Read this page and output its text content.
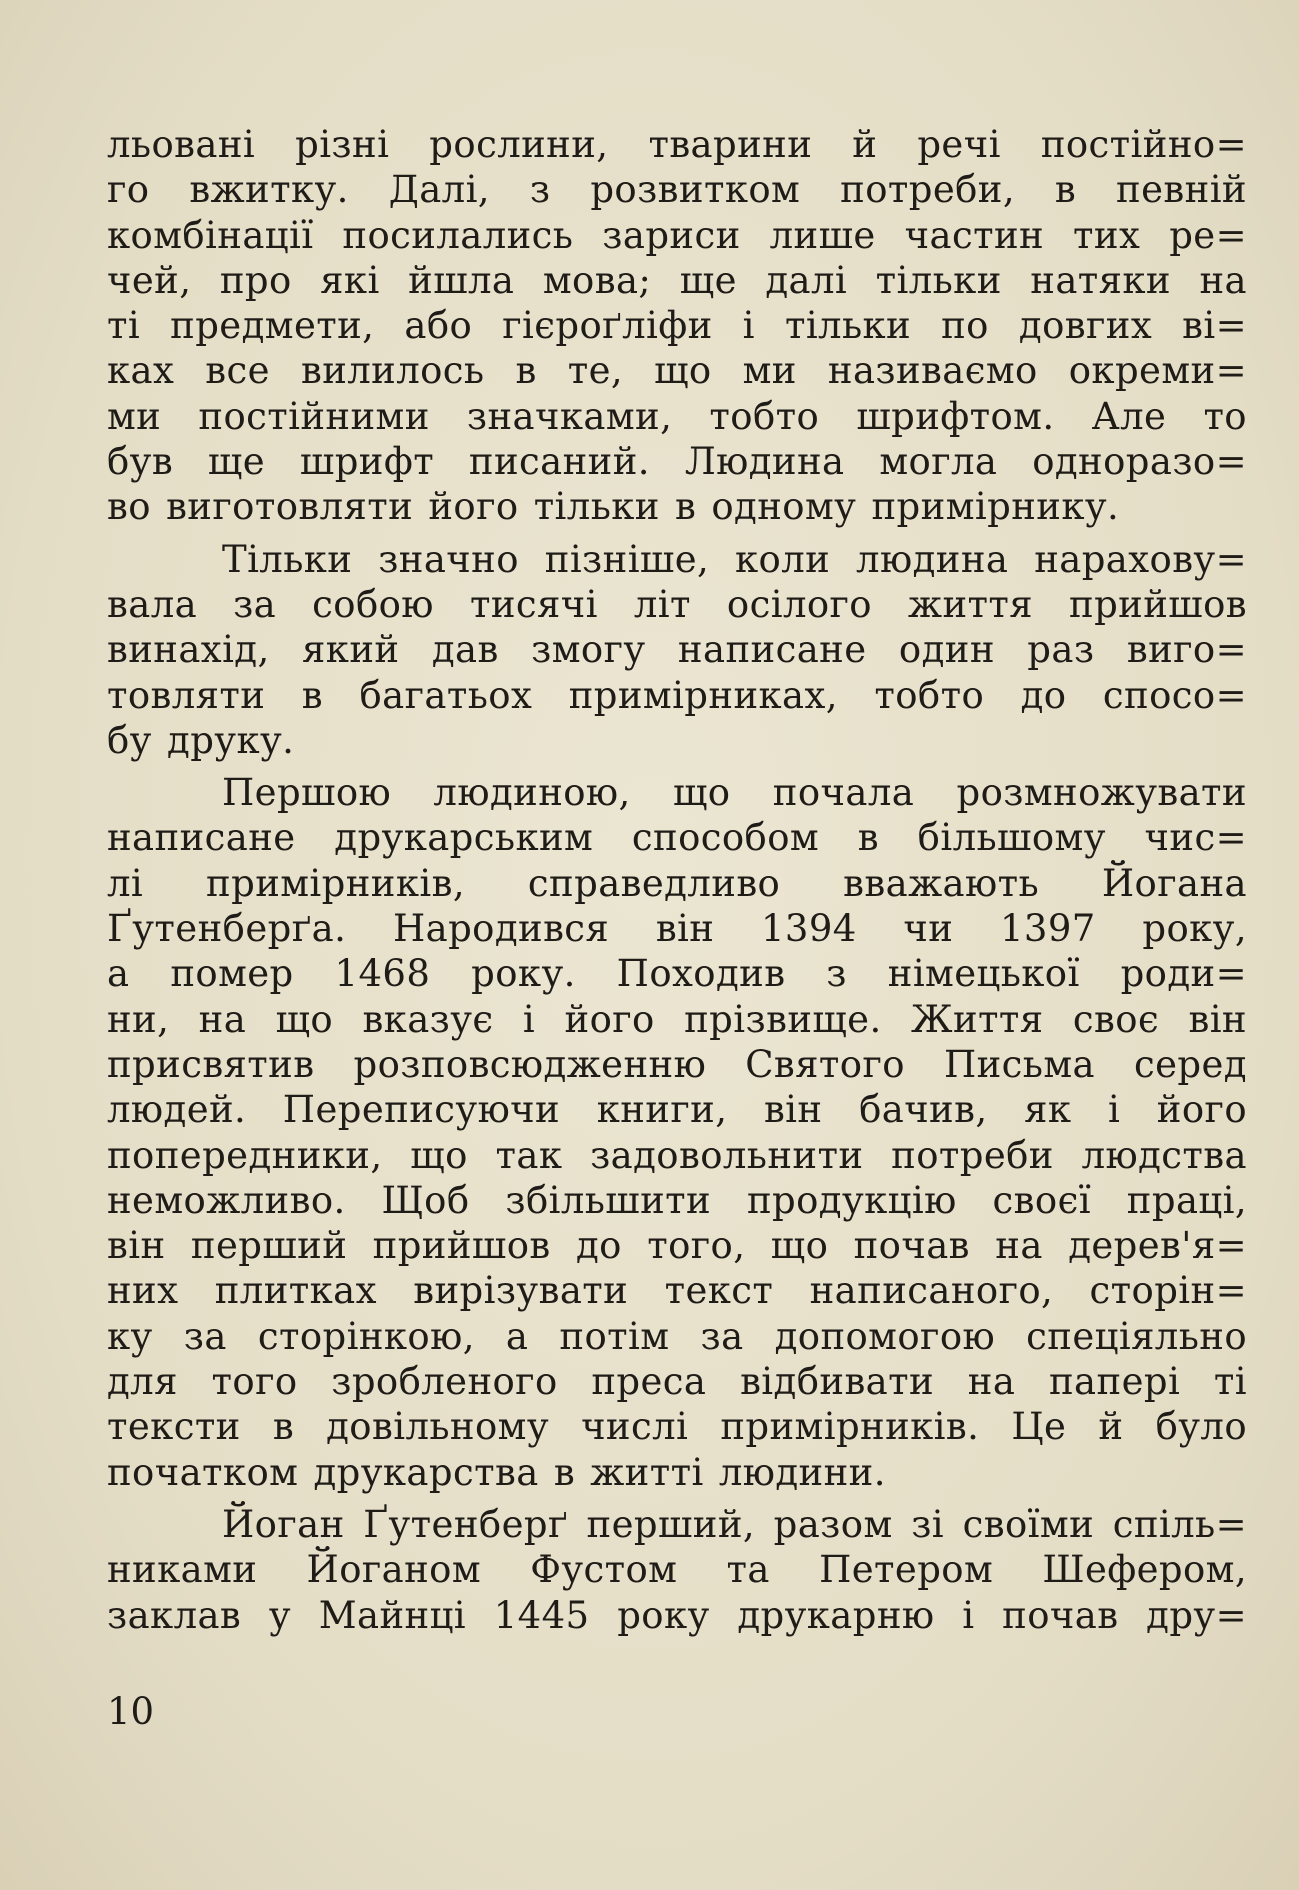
льовані різні рослини, тварини й речі постійно=
го вжитку. Далі, з розвитком потреби, в певній
комбінації посилались зариси лише частин тих ре=
чей, про які йшла мова; ще далі тільки натяки на
ті предмети, або гієроґліфи і тільки по довгих ві=
ках все вилилось в те, що ми називаємо окреми=
ми постійними значками, тобто шрифтом. Але то
був ще шрифт писаний. Людина могла одноразо=
во виготовляти його тільки в одному примірнику.

Тільки значно пізніше, коли людина нарахову=
вала за собою тисячі літ осілого життя прийшов
винахід, який дав змогу написане один раз виго=
товляти в багатьох примірниках, тобто до спосо=
бу друку.

Першою людиною, що почала розмножувати
написане друкарським способом в більшому чис=
лі примірників, справедливо вважають Йогана
Ґутенберґа. Народився він 1394 чи 1397 року,
а помер 1468 року. Походив з німецької роди=
ни, на що вказує і його прізвище. Життя своє він
присвятив розповсюдженню Святого Письма серед
людей. Переписуючи книги, він бачив, як і його
попередники, що так задовольнити потреби людства
неможливо. Щоб збільшити продукцію своєї праці,
він перший прийшов до того, що почав на дерев'я=
них плитках вирізувати текст написаного, сторін=
ку за сторінкою, а потім за допомогою спеціяльно
для того зробленого преса відбивати на папері ті
тексти в довільному числі примірників. Це й було
початком друкарства в житті людини.

Йоган Ґутенберґ перший, разом зі своїми спіль=
никами Йоганом Фустом та Петером Шефером,
заклав у Майнці 1445 року друкарню і почав дру=

10
